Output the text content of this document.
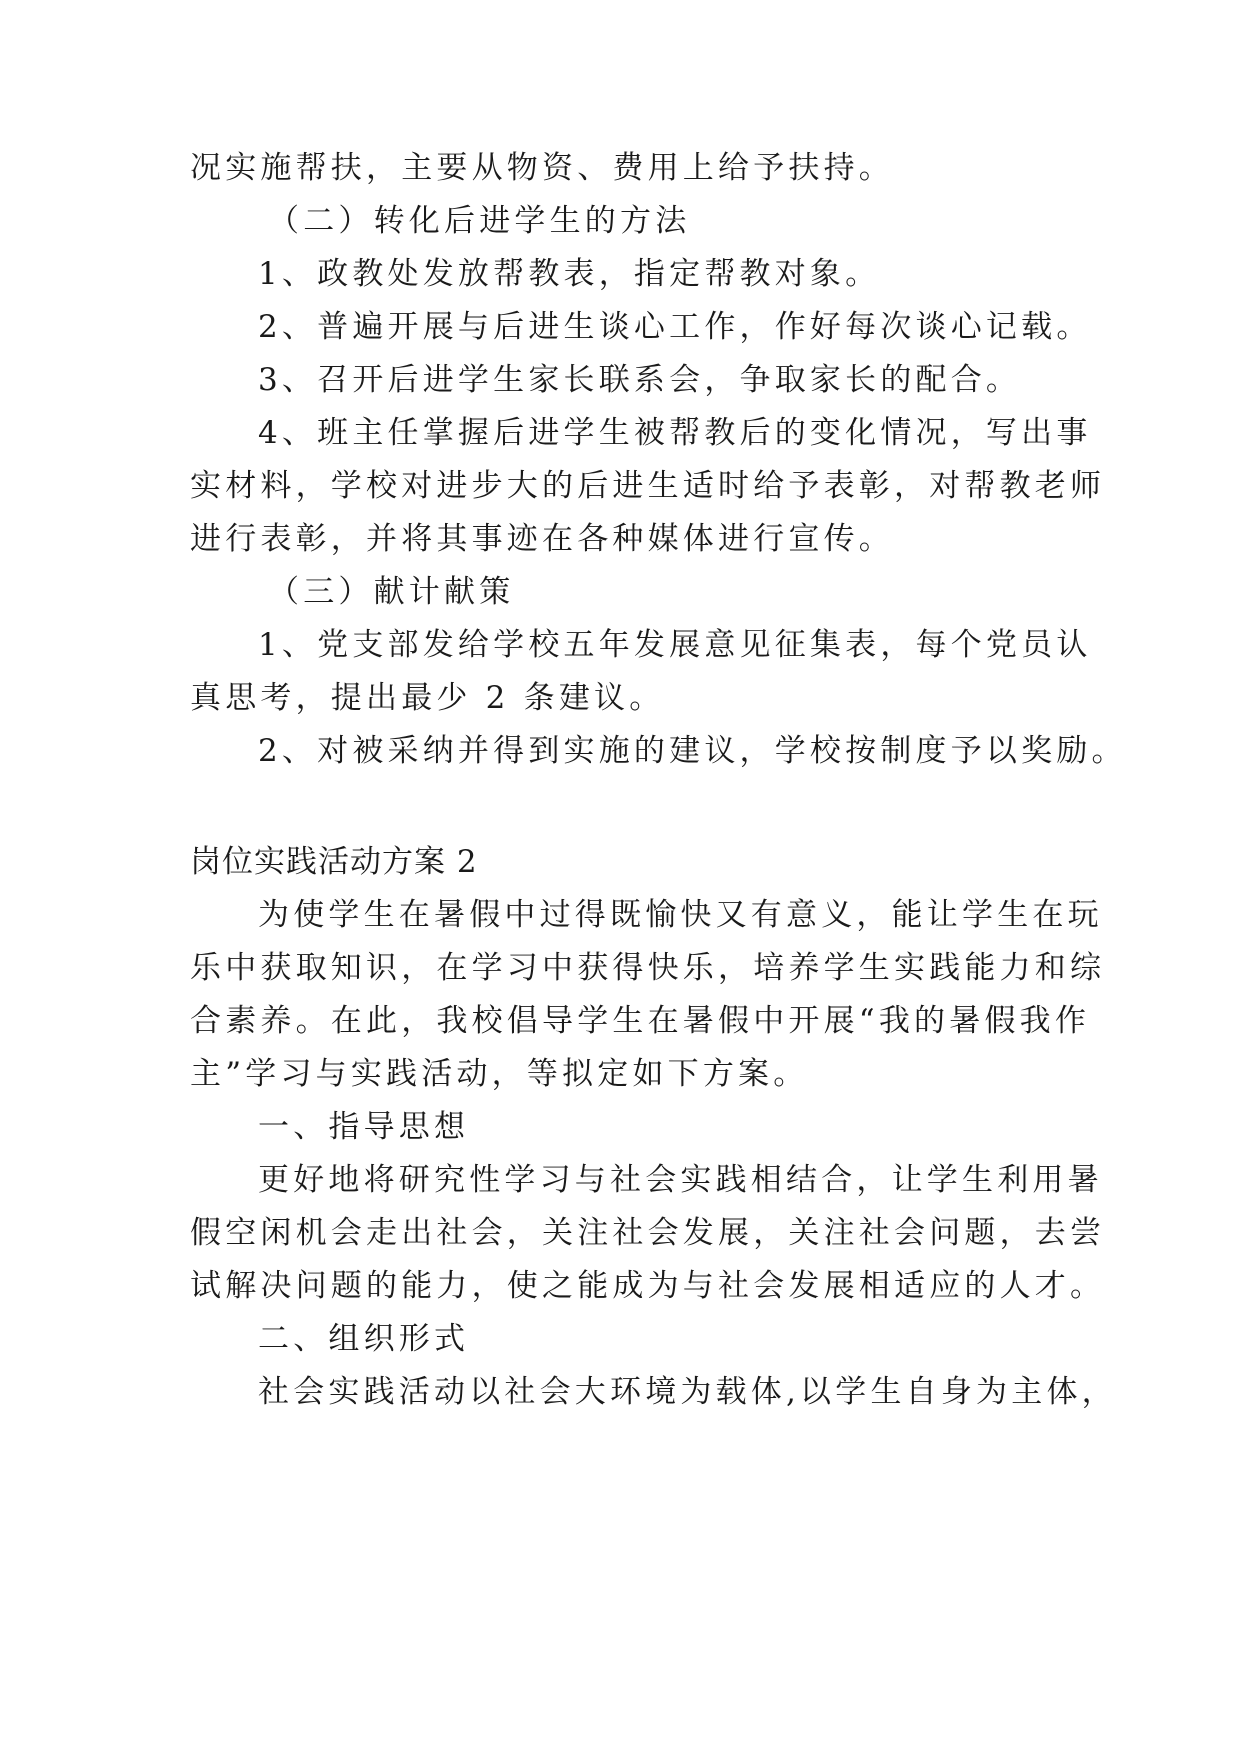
况实施帮扶，主要从物资、费用上给予扶持。
（二）转化后进学生的方法
1、政教处发放帮教表，指定帮教对象。
2、普遍开展与后进生谈心工作，作好每次谈心记载。
3、召开后进学生家长联系会，争取家长的配合。
4、班主任掌握后进学生被帮教后的变化情况，写出事
实材料，学校对进步大的后进生适时给予表彰，对帮教老师
进行表彰，并将其事迹在各种媒体进行宣传。
（三）献计献策
1、党支部发给学校五年发展意见征集表，每个党员认
真思考，提出最少 2 条建议。
2、对被采纳并得到实施的建议，学校按制度予以奖励。
岗位实践活动方案 2
为使学生在暑假中过得既愉快又有意义，能让学生在玩
乐中获取知识，在学习中获得快乐，培养学生实践能力和综
合素养。在此，我校倡导学生在暑假中开展“我的暑假我作
主”学习与实践活动，等拟定如下方案。
一、指导思想
更好地将研究性学习与社会实践相结合，让学生利用暑
假空闲机会走出社会，关注社会发展，关注社会问题，去尝
试解决问题的能力，使之能成为与社会发展相适应的人才。
二、组织形式
社会实践活动以社会大环境为载体,以学生自身为主体，
